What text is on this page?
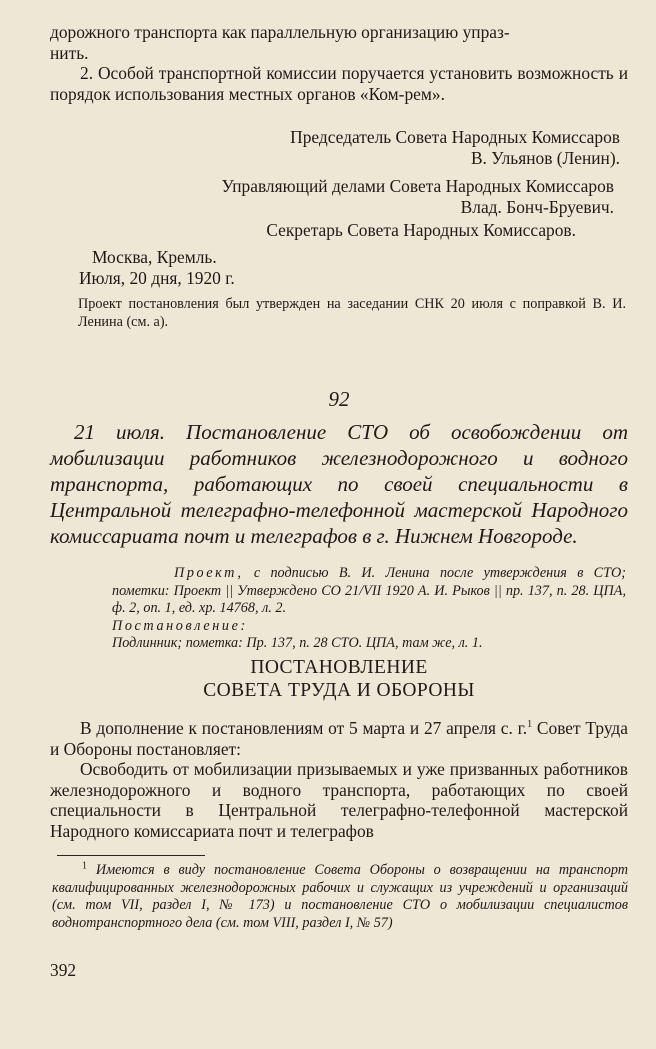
дорожного транспорта как параллельную организацию упраз-

нить.

2. Особой транспортной комиссии поручается установить возможность и порядок использования местных органов «Ком-рем».

Председатель Совета Народных Комиссаров

В. Ульянов (Ленин).

Управляющий делами Совета Народных Комиссаров

Влад. Бонч-Бруевич.

Секретарь Совета Народных Комиссаров.

Москва, Кремль.

Июля, 20 дня, 1920 г.

Проект постановления был утвержден на заседании СНК 20 июля с поправкой В. И. Ленина (см. а).
92
21 июля. Постановление СТО об освобождении от мобилизации работников железнодорожного и водного транспорта, работающих по своей специальности в Центральной телеграфно-телефонной мастерской Народного комиссариата почт и телеграфов в г. Нижнем Новгороде.
Проект, с подписью В. И. Ленина после утверждения в СТО; пометки: Проект || Утверждено СО 21/VII 1920 А. И. Рыков || пр. 137, п. 28. ЦПА, ф. 2, оп. 1, ед. хр. 14768, л. 2.
Постановление:
Подлинник; пометка: Пр. 137, п. 28 СТО. ЦПА, там же, л. 1.
ПОСТАНОВЛЕНИЕ
СОВЕТА ТРУДА И ОБОРОНЫ

В дополнение к постановлениям от 5 марта и 27 апреля с. г.$^1$ Совет Труда и Обороны постановляет:

Освободить от мобилизации призываемых и уже призванных работников железнодорожного и водного транспорта, работающих по своей специальности в Центральной телеграфно-телефонной мастерской Народного комиссариата почт и телеграфов

$^1$ Имеются в виду постановление Совета Обороны о возвращении на транспорт квалифицированных железнодорожных рабочих и служащих из учреждений и организаций (см. том VII, раздел I, № 173) и постановление СТО о мобилизации специалистов воднотранспортного дела (см. том VIII, раздел I, № 57)
392
